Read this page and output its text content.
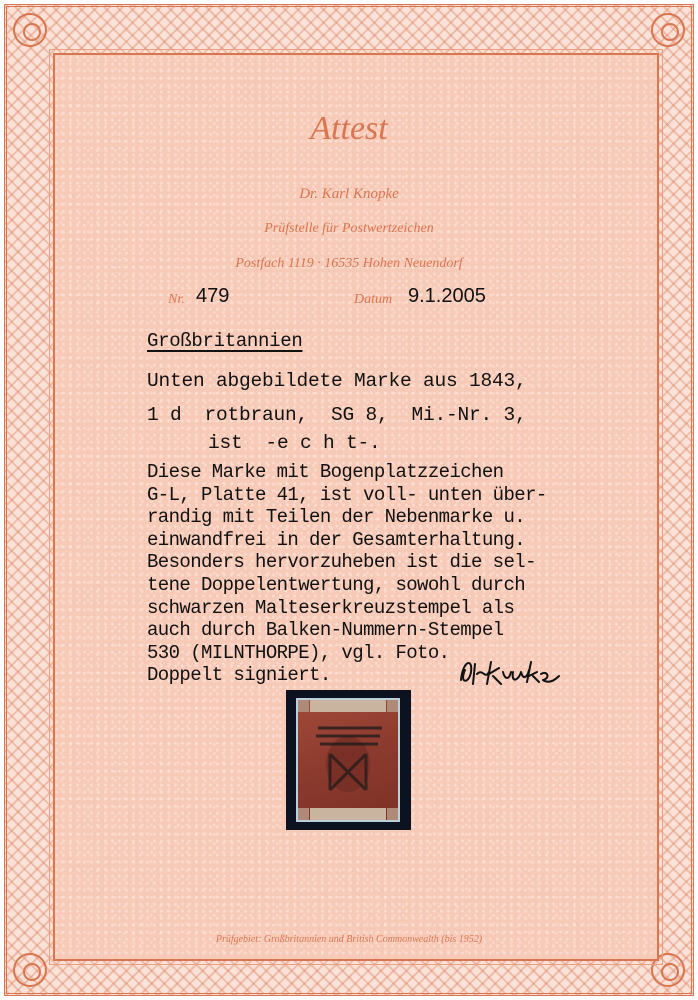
Attest
Dr. Karl Knopke
Prüfstelle für Postwertzeichen
Postfach 1119 · 16535 Hohen Neuendorf
Nr. 479	Datum 9.1.2005
Großbritannien
Unten abgebildete Marke aus 1843,
1 d  rotbraun,  SG 8,  Mi.-Nr. 3,
ist  -e c h t-.
Diese Marke mit Bogenplatzzeichen
G-L, Platte 41, ist voll- unten über-
randig mit Teilen der Nebenmarke u.
einwandfrei in der Gesamterhaltung.
Besonders hervorzuheben ist die sel-
tene Doppelentwertung, sowohl durch
schwarzen Malteserkreuzstempel als
auch durch Balken-Nummern-Stempel
530 (MILNTHORPE), vgl. Foto.
Doppelt signiert.
Prüfgebiet: Großbritannien und British Commonwealth (bis 1952)
